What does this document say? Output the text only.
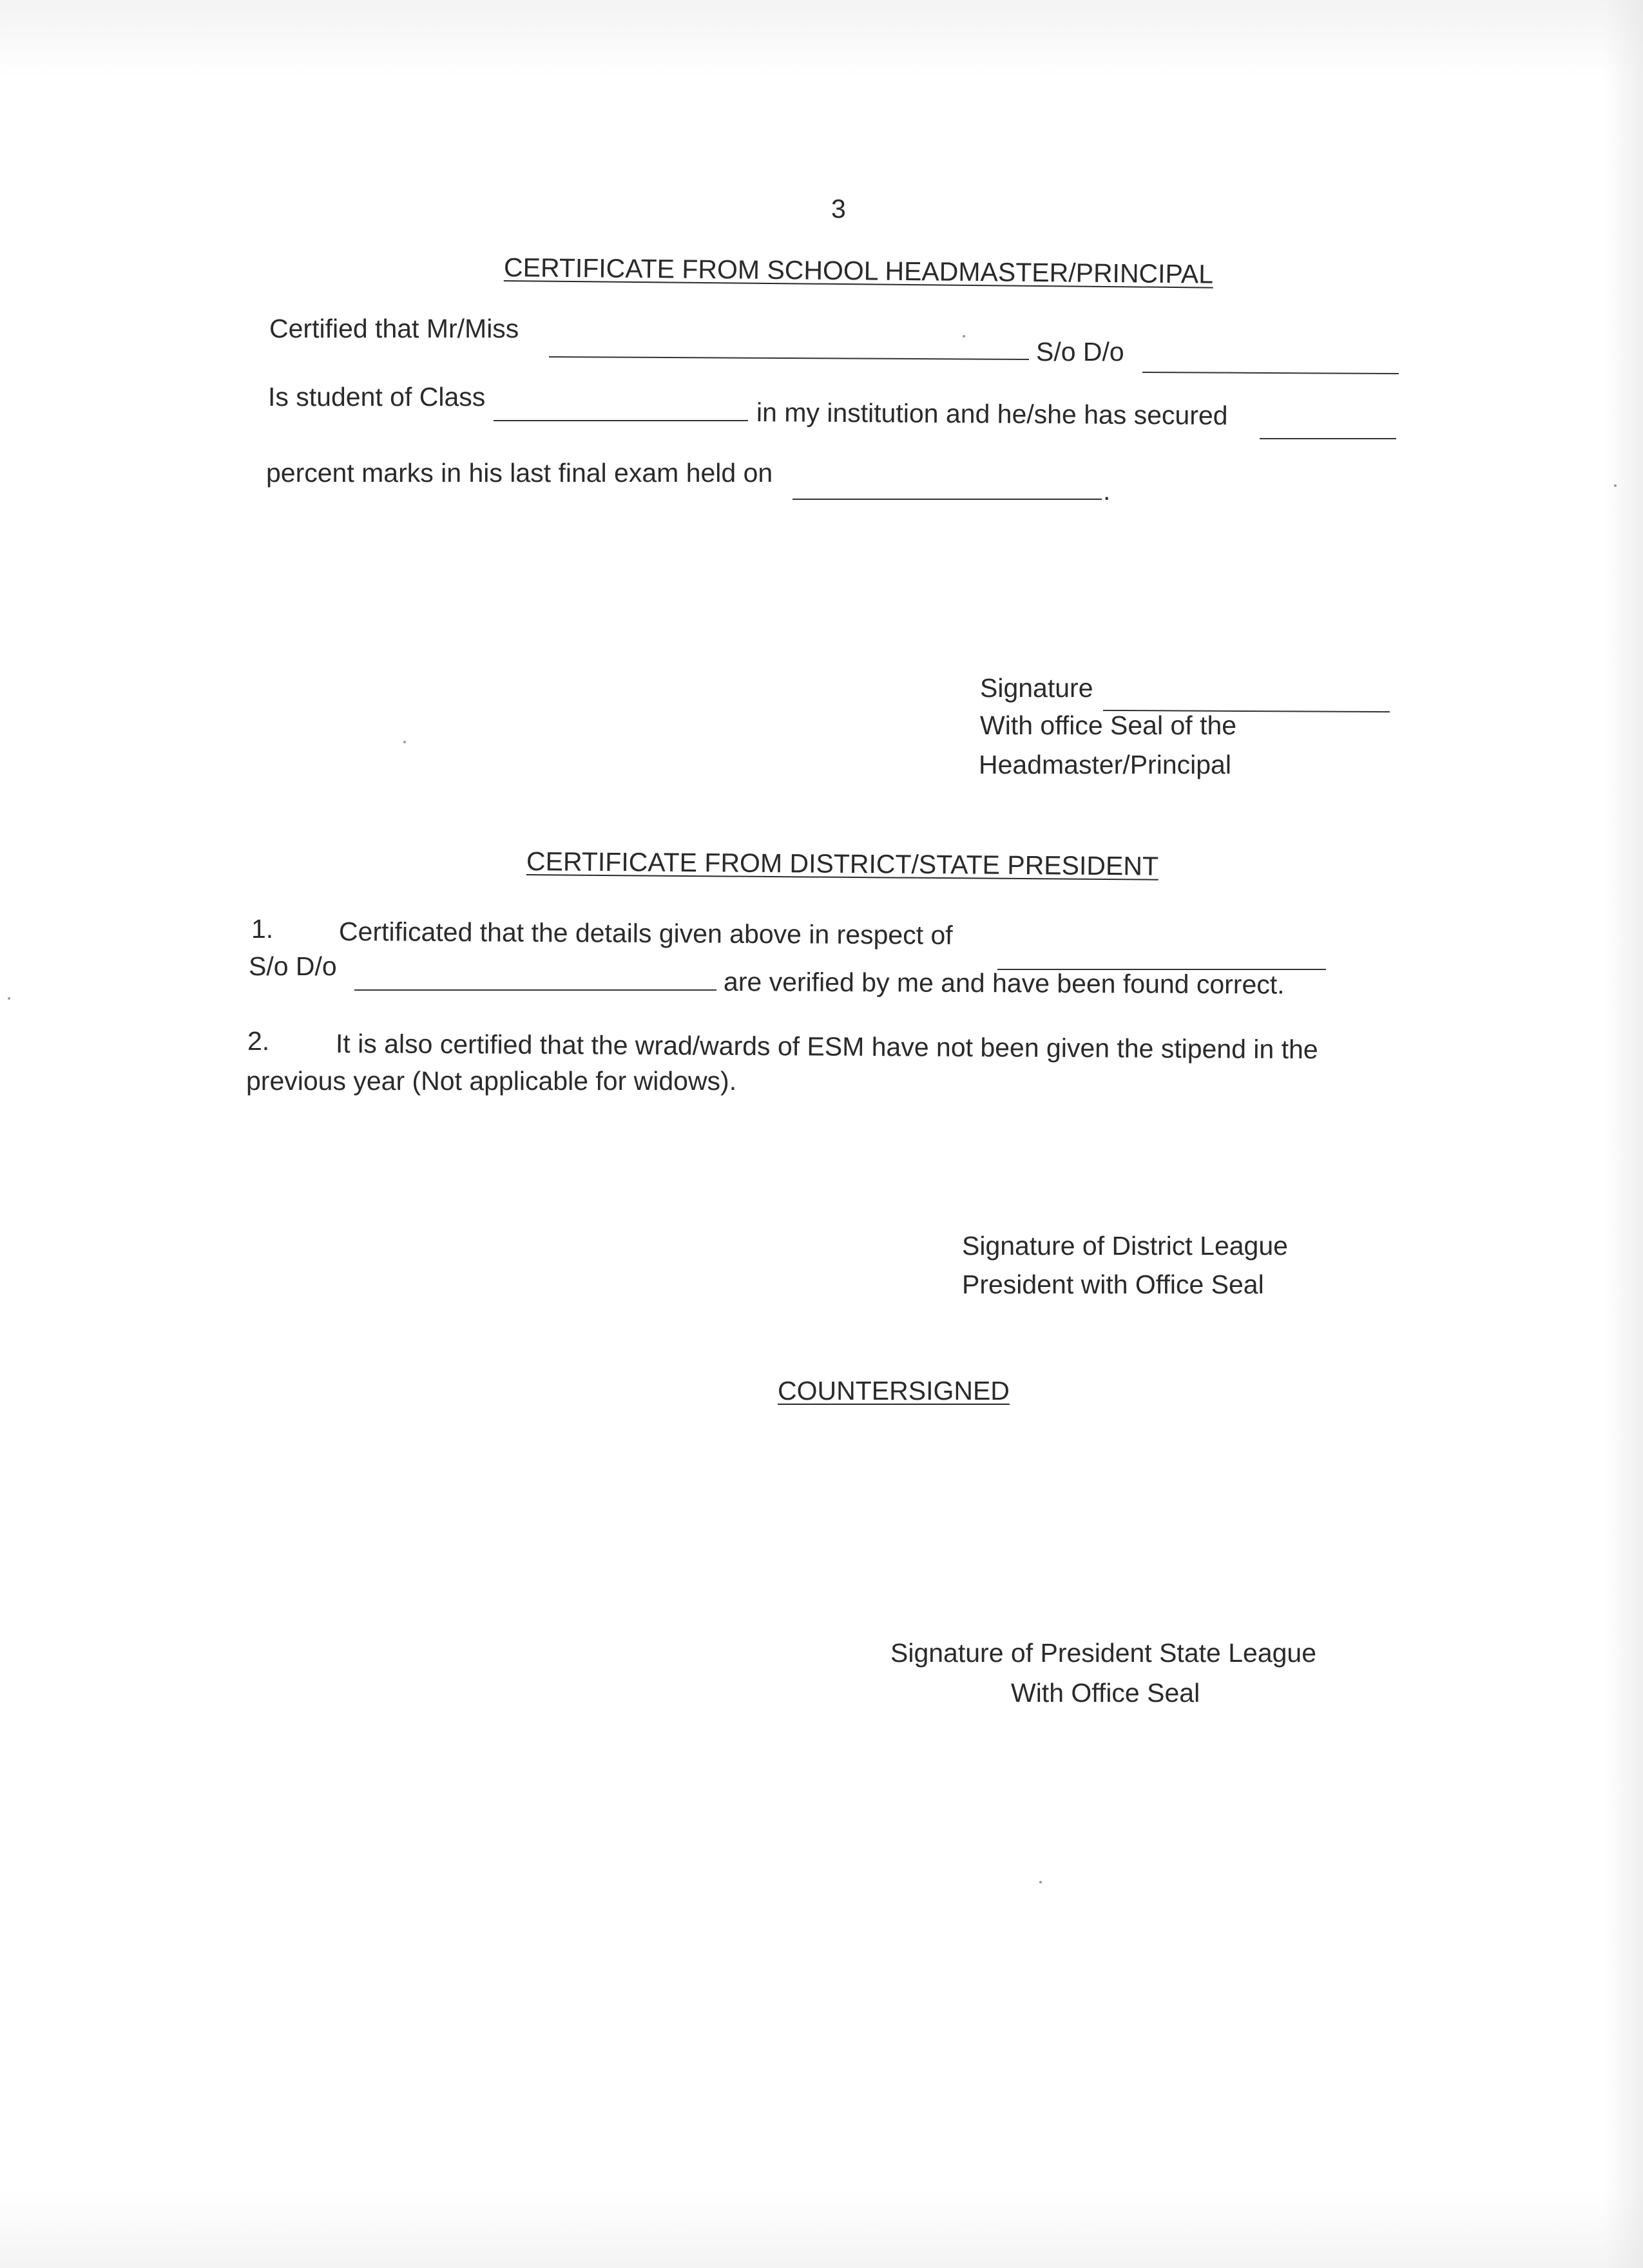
3
CERTIFICATE FROM SCHOOL HEADMASTER/PRINCIPAL
Certified that Mr/Miss
S/o D/o
Is student of Class
in my institution and he/she has secured
percent marks in his last final exam held on
.
Signature
With office Seal of the
Headmaster/Principal
CERTIFICATE FROM DISTRICT/STATE PRESIDENT
1. Certificated that the details given above in respect of
S/o D/o
are verified by me and have been found correct.
2.	It is also certified that the wrad/wards of ESM have not been given the stipend in the
previous year (Not applicable for widows).
Signature of District League
President with Office Seal
COUNTERSIGNED
Signature of President State League
With Office Seal
